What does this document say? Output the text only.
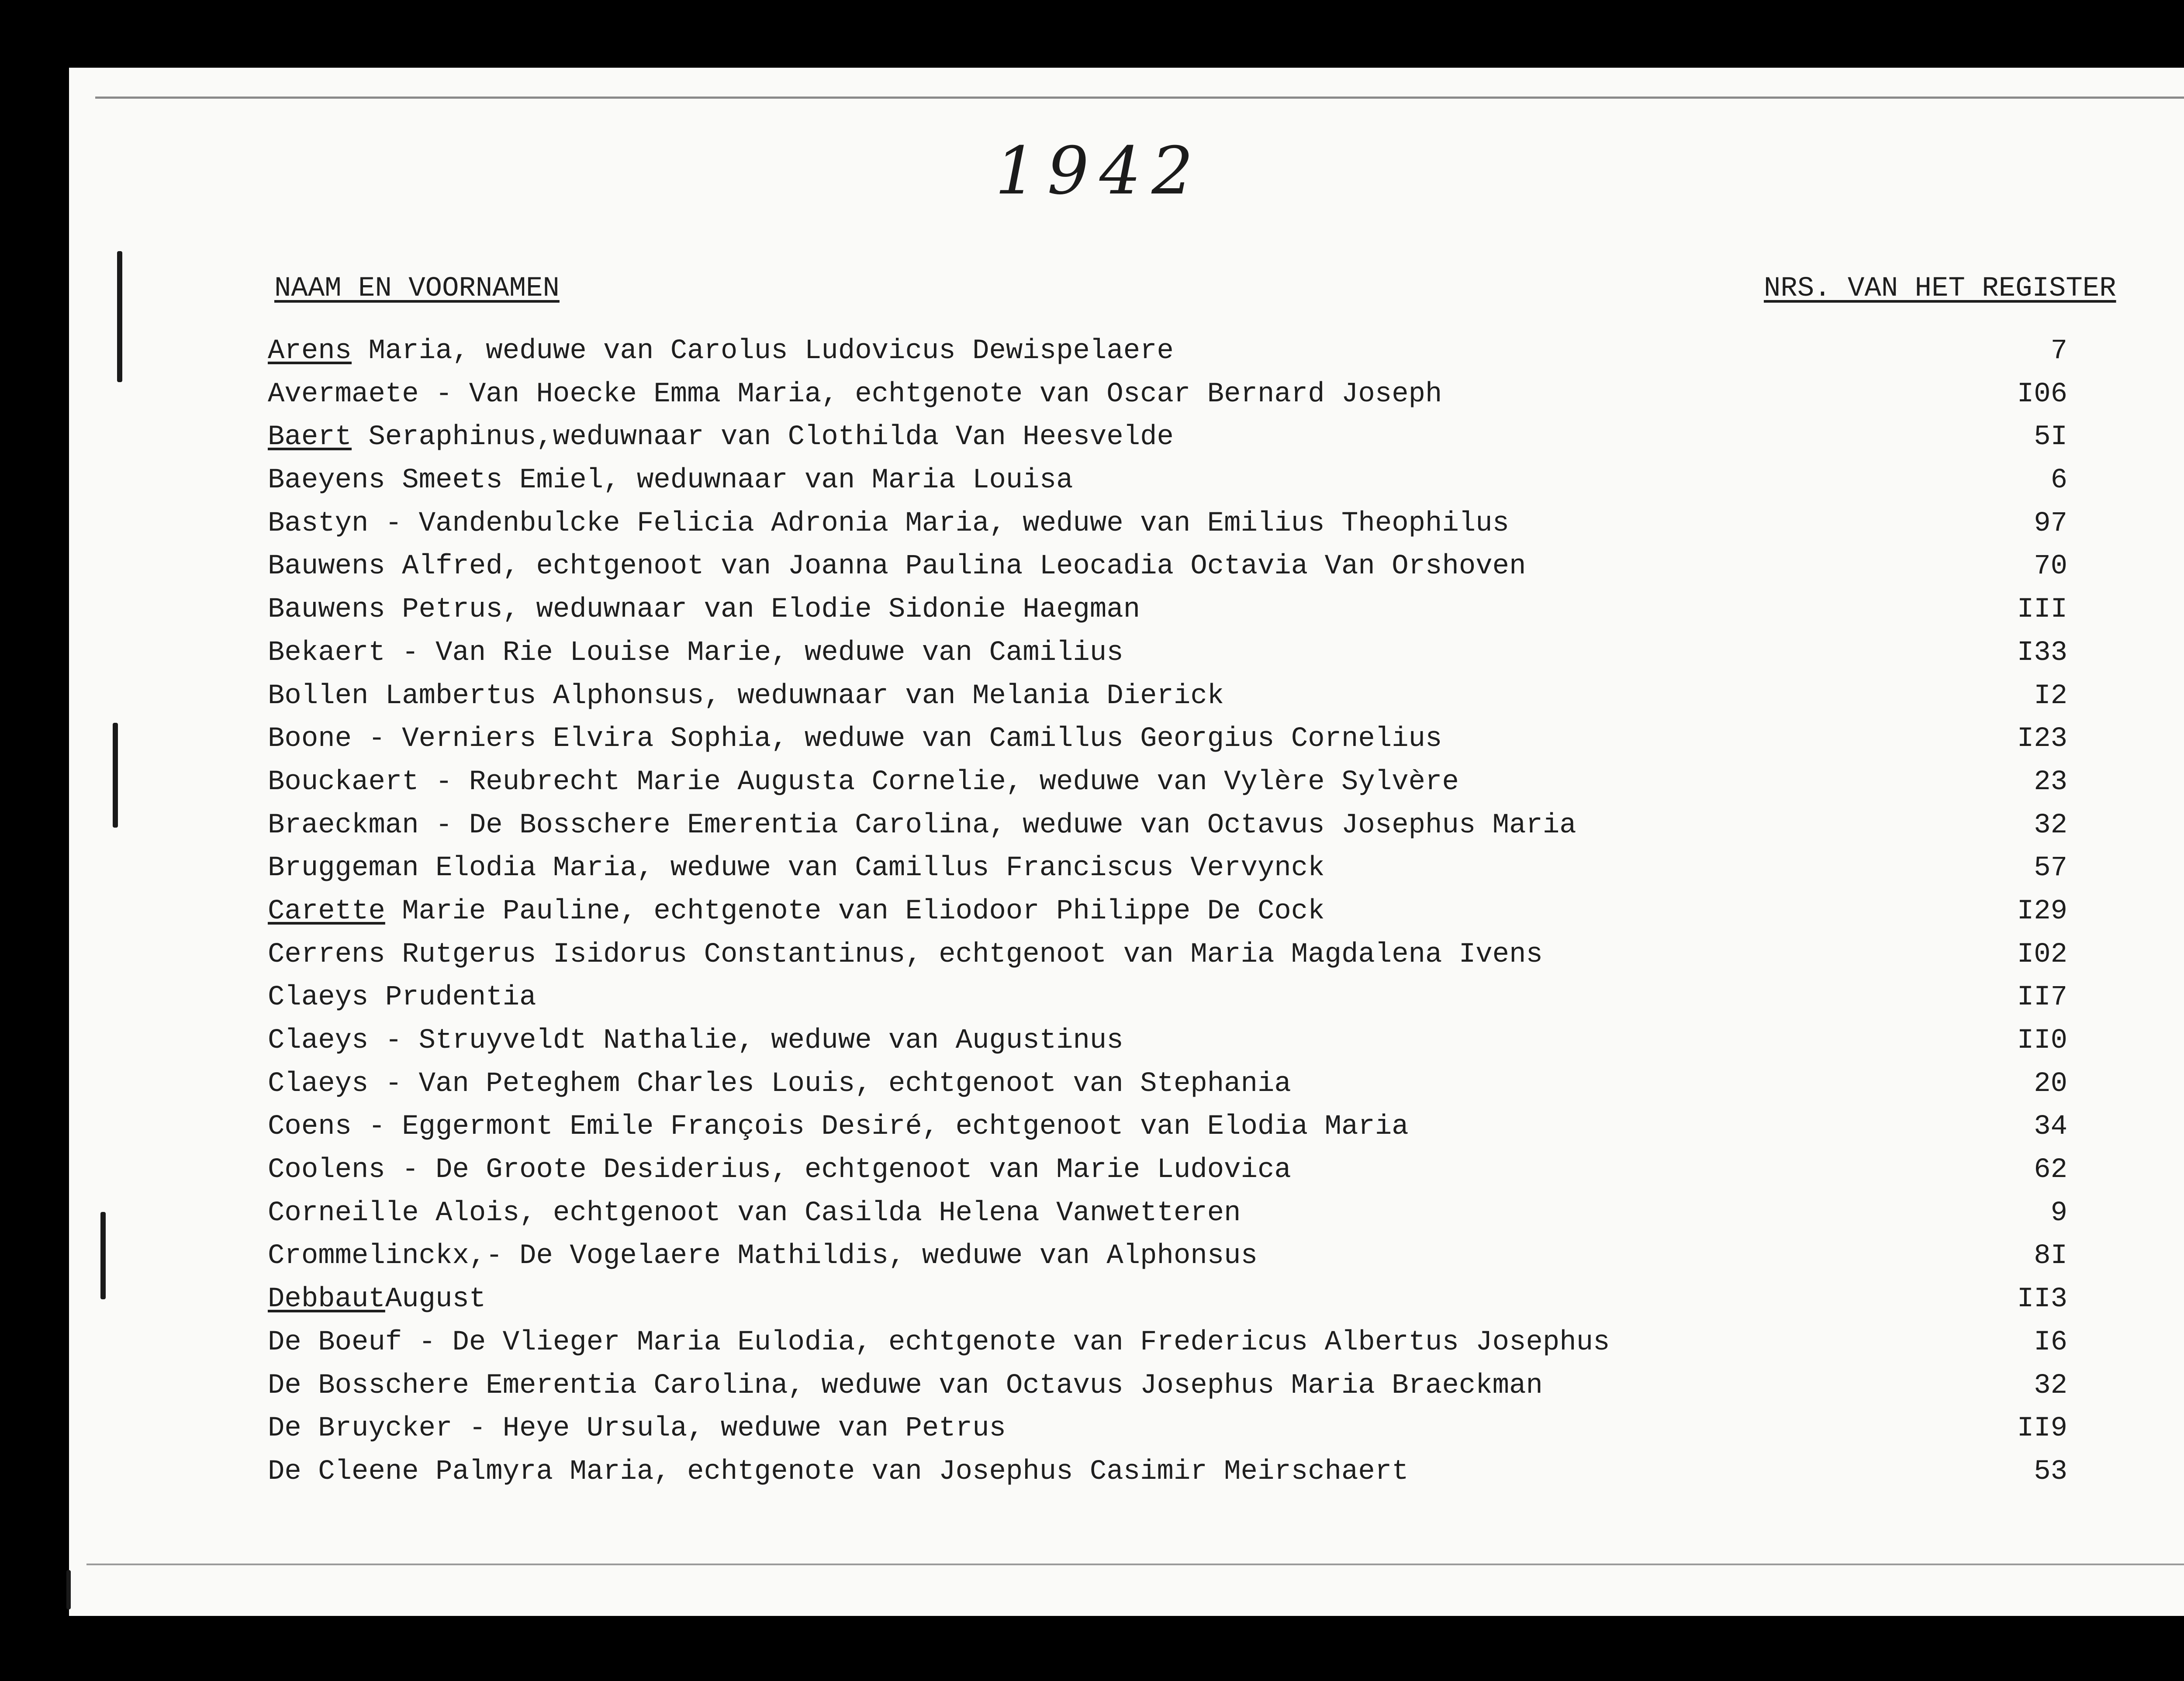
1942
NAAM EN VOORNAMEN	NRS. VAN HET REGISTER
Arens Maria, weduwe van Carolus Ludovicus Dewispelaere	7
Avermaete - Van Hoecke Emma Maria, echtgenote van Oscar Bernard Joseph	I06
Baert Seraphinus,weduwnaar van Clothilda Van Heesvelde	5I
Baeyens Smeets Emiel, weduwnaar van Maria Louisa	6
Bastyn - Vandenbulcke Felicia Adronia Maria, weduwe van Emilius Theophilus	97
Bauwens Alfred, echtgenoot van Joanna Paulina Leocadia Octavia Van Orshoven	70
Bauwens Petrus, weduwnaar van Elodie Sidonie Haegman	III
Bekaert - Van Rie Louise Marie, weduwe van Camilius	I33
Bollen Lambertus Alphonsus, weduwnaar van Melania Dierick	I2
Boone - Verniers Elvira Sophia, weduwe van Camillus Georgius Cornelius	I23
Bouckaert - Reubrecht Marie Augusta Cornelie, weduwe van Vylère Sylvère	23
Braeckman - De Bosschere Emerentia Carolina, weduwe van Octavus Josephus Maria	32
Bruggeman Elodia Maria, weduwe van Camillus Franciscus Vervynck	57
Carette Marie Pauline, echtgenote van Eliodoor Philippe De Cock	I29
Cerrens Rutgerus Isidorus Constantinus, echtgenoot van Maria Magdalena Ivens	I02
Claeys Prudentia	II7
Claeys - Struyveldt Nathalie, weduwe van Augustinus	II0
Claeys - Van Peteghem Charles Louis, echtgenoot van Stephania	20
Coens - Eggermont Emile François Desiré, echtgenoot van Elodia Maria	34
Coolens - De Groote Desiderius, echtgenoot van Marie Ludovica	62
Corneille Alois, echtgenoot van Casilda Helena Vanwetteren	9
Crommelinckx,- De Vogelaere Mathildis, weduwe van Alphonsus	8I
DebbautAugust	II3
De Boeuf - De Vlieger Maria Eulodia, echtgenote van Fredericus Albertus Josephus	I6
De Bosschere Emerentia Carolina, weduwe van Octavus Josephus Maria Braeckman	32
De Bruycker - Heye Ursula, weduwe van Petrus	II9
De Cleene Palmyra Maria, echtgenote van Josephus Casimir Meirschaert	53
